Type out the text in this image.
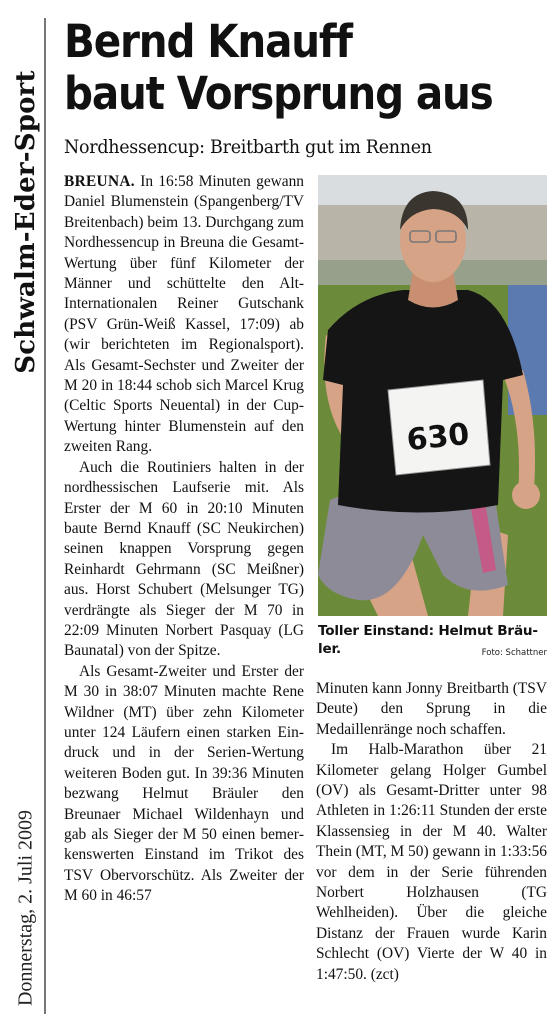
Schwalm-Eder-Sport
Donnerstag, 2. Juli 2009
Bernd Knauff
baut Vorsprung aus
Nordhessencup: Breitbarth gut im Rennen

BREUNA. In 16:58 Minuten gewann Daniel Blumenstein (Spangenberg/TV Breitenbach) beim 13. Durchgang zum Nordhessencup in Breuna die Gesamt-Wertung über fünf Kilometer der Männer und schüttelte den Alt-Internationalen Reiner Gutschank (PSV Grün-Weiß Kassel, 17:09) ab (wir berichteten im Regionalsport). Als Gesamt-Sechster und Zweiter der M 20 in 18:44 schob sich Marcel Krug (Celtic Sports Neuental) in der Cup-Wertung hinter Blumenstein auf den zweiten Rang.

Auch die Routiniers halten in der nordhessischen Laufserie mit. Als Erster der M 60 in 20:10 Minuten baute Bernd Knauff (SC Neukirchen) seinen knappen Vorsprung gegen Reinhardt Gehrmann (SC Meißner) aus. Horst Schubert (Melsunger TG) verdrängte als Sieger der M 70 in 22:09 Minuten Norbert Pasquay (LG Baunatal) von der Spitze.

Als Gesamt-Zweiter und Erster der M 30 in 38:07 Minuten machte Rene Wildner (MT) über zehn Kilometer unter 124 Läufern einen starken Eindruck und in der Serien-Wertung weiteren Boden gut. In 39:36 Minuten bezwang Helmut Bräuler den Breunaer Michael Wildenhayn und gab als Sieger der M 50 einen bemerkenswerten Einstand im Trikot des TSV Obervorschütz. Als Zweiter der M 60 in 46:57

630
Toller Einstand: Helmut Bräuler.	Foto: Schattner

Minuten kann Jonny Breitbarth (TSV Deute) den Sprung in die Medaillenränge noch schaffen.

Im Halb-Marathon über 21 Kilometer gelang Holger Gumbel (OV) als Gesamt-Dritter unter 98 Athleten in 1:26:11 Stunden der erste Klassensieg in der M 40. Walter Thein (MT, M 50) gewann in 1:33:56 vor dem in der Serie führenden Norbert Holzhausen (TG Wehlheiden). Über die gleiche Distanz der Frauen wurde Karin Schlecht (OV) Vierte der W 40 in 1:47:50. (zct)
